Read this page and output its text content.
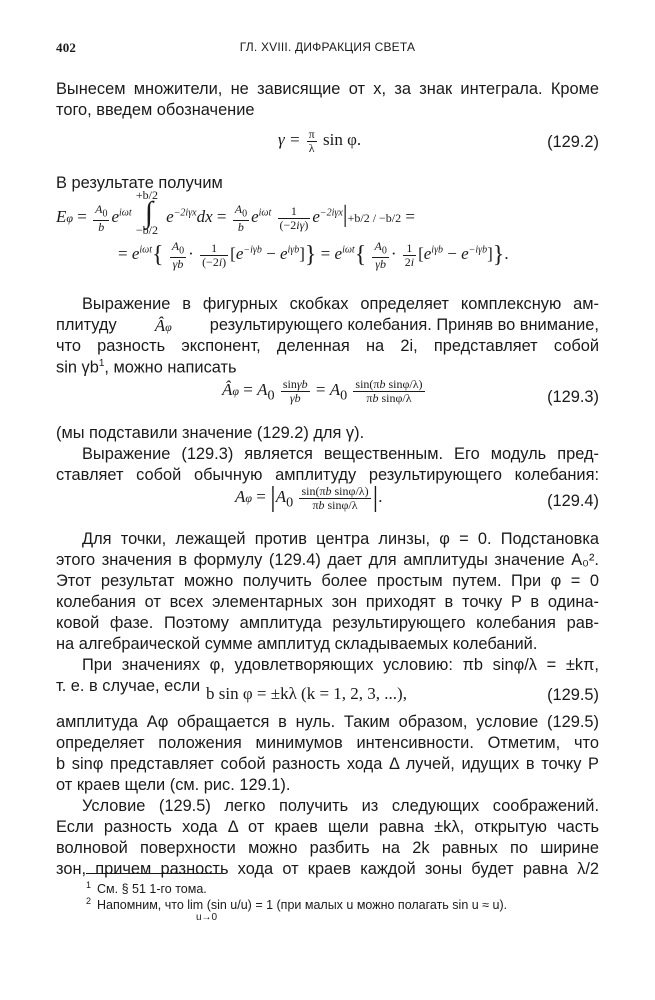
402	ГЛ. XVIII. ДИФРАКЦИЯ СВЕТА
Вынесем множители, не зависящие от x, за знак интеграла. Кроме
того, введем обозначение
$\gamma = \frac{\pi}{\lambda}$ sin φ.	(129.2)
В результате получим
$E\varphi = \frac{A_0}{b} e^{i\omega t}$
+b/2
∫
−b/2
$e^{-2i\gamma x}dx = \frac{A_0}{b} e^{i\omega t} \frac{1}{(-2i\gamma)} e^{-2i\gamma x}|+b/2 / -b/2$ =
= $e^{i\omega t}\{ \frac{A_0}{\gamma b} \cdot \frac{1}{(-2i)} [e^{-i\gamma b} - e^{i\gamma b}]\} = e^{i\omega t}\{ \frac{A_0}{\gamma b} \cdot \frac{1}{2i} [e^{i\gamma b} - e^{-i\gamma b}]\}$.
Выражение в фигурных скобках определяет комплексную ам-
плитуду Âφ результирующего колебания. Приняв во внимание,
что разность экспонент, деленная на 2i, представляет собой
$\sin \gamma b^1$, можно написать
Âφ = $A_0 \frac{\sin\gamma b}{\gamma b} = A_0 \frac{\text{sin(πb sinφ/λ)}}{\text{πb sinφ/λ}}$	(129.3)
(мы подставили значение (129.2) для γ).
Выражение (129.3) является вещественным. Его модуль пред-
ставляет собой обычную амплитуду результирующего колебания:
$A\varphi = |A_0 \frac{\text{sin(πb sinφ/λ)}}{\text{πb sinφ/λ}}$ |.	(129.4)
Для точки, лежащей против центра линзы, φ = 0. Подстановка
этого значения в формулу (129.4) дает для амплитуды значение A₀².
Этот результат можно получить более простым путем. При φ = 0
колебания от всех элементарных зон приходят в точку P в одина-
ковой фазе. Поэтому амплитуда результирующего колебания рав-
на алгебраической сумме амплитуд складываемых колебаний.
При значениях φ, удовлетворяющих условию: πb sinφ/λ = ±kπ,
т. е. в случае, если b sin φ = ±kλ (k = 1, 2, 3, ...),	(129.5)
амплитуда Aφ обращается в нуль. Таким образом, условие (129.5)
определяет положения минимумов интенсивности. Отметим, что
b sinφ представляет собой разность хода Δ лучей, идущих в точку P
от краев щели (см. рис. 129.1).
Условие (129.5) легко получить из следующих соображений.
Если разность хода Δ от краев щели равна ±kλ, открытую часть
волновой поверхности можно разбить на 2k равных по ширине
зон, причем разность хода от краев каждой зоны будет равна λ/2
$^1$ См. § 51 1-го тома.
$^2$ Напомним, что lim (sin u/u) = 1 (при малых u можно полагать sin u ≈ u).
u→0
